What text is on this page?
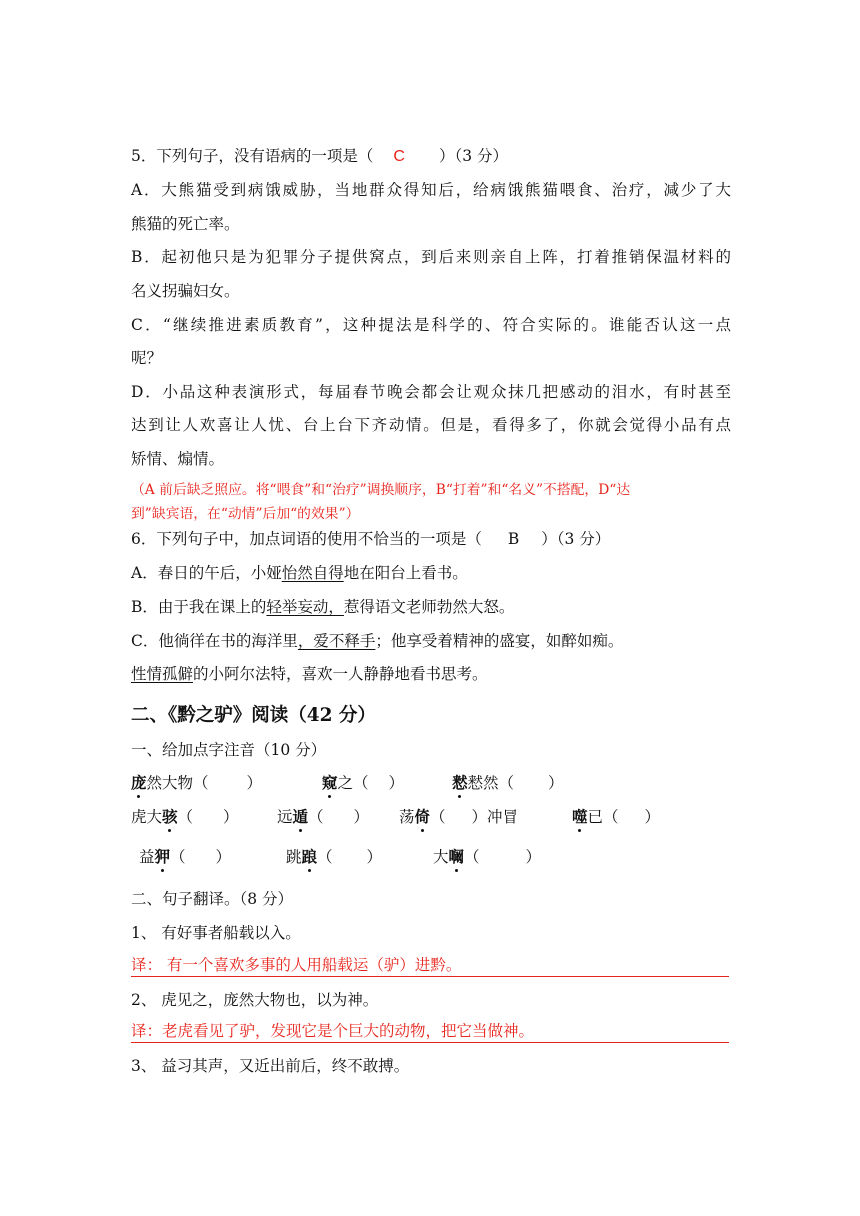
5．下列句子，没有语病的一项是（ C ）（3 分）
A．大熊猫受到病饿威胁，当地群众得知后，给病饿熊猫喂食、治疗，减少了大
熊猫的死亡率。
B．起初他只是为犯罪分子提供窝点，到后来则亲自上阵，打着推销保温材料的
名义拐骗妇女。
C．“继续推进素质教育”，这种提法是科学的、符合实际的。谁能否认这一点
呢？
D．小品这种表演形式，每届春节晚会都会让观众抹几把感动的泪水，有时甚至
达到让人欢喜让人忧、台上台下齐动情。但是，看得多了，你就会觉得小品有点
矫情、煽情。
（A 前后缺乏照应。将“喂食”和“治疗”调换顺序，B“打着”和“名义”不搭配，D“达
到”缺宾语，在“动情”后加“的效果”）
6．下列句子中，加点词语的使用不恰当的一项是（ B ）（3 分）
A．春日的午后，小娅怡然自得地在阳台上看书。
B．由于我在课上的轻举妄动，惹得语文老师勃然大怒。
C．他徜徉在书的海洋里，爱不释手；他享受着精神的盛宴，如醉如痴。
性情孤僻的小阿尔法特，喜欢一人静静地看书思考。
二、《黔之驴》阅读（42 分）
一、给加点字注音（10 分）
庞然大物（ ）	窥之（ ）	慭慭然（ ）
虎大骇（ ） 远遁（ ） 荡倚（ ）冲冒	噬已（ ）
益狎（ ）	跳踉（ ）	大㘎（	）
二、句子翻译。（8 分）
1、 有好事者船载以入。
译： 有一个喜欢多事的人用船载运（驴）进黔。
2、 虎见之，庞然大物也，以为神。
译：老虎看见了驴，发现它是个巨大的动物，把它当做神。
3、 益习其声，又近出前后，终不敢搏。
